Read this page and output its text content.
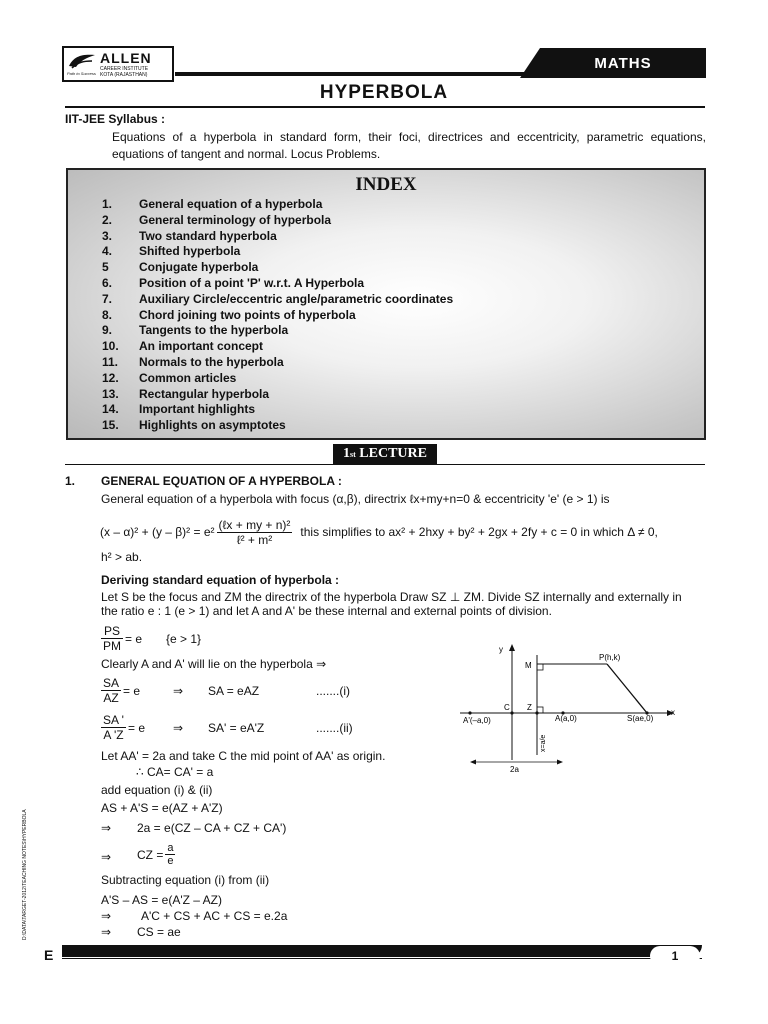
ALLEN
CAREER INSTITUTE
KOTA (RAJASTHAN)
Path to Success
MATHS
HYPERBOLA
IIT-JEE Syllabus :
Equations of a hyperbola in standard form, their foci, directrices and eccentricity, parametric equations, equations of tangent and normal. Locus Problems.
INDEX
1. General equation of a hyperbola
2. General terminology of hyperbola
3. Two standard hyperbola
4. Shifted hyperbola
5	Conjugate hyperbola
6. Position of a point 'P' w.r.t. A Hyperbola
7. Auxiliary Circle/eccentric angle/parametric coordinates
8. Chord joining two points of hyperbola
9. Tangents to the hyperbola
10. An important concept
11. Normals to the hyperbola
12. Common articles
13. Rectangular hyperbola
14. Important highlights
15. Highlights on asymptotes
1 st
LECTURE
1. GENERAL EQUATION OF A HYPERBOLA :
General equation of a hyperbola with focus (α,β), directrix ℓx+my+n=0 & eccentricity 'e' (e > 1) is
$(x - \alpha)^2 + (y - \beta)^2 = e^2 \frac{\text{(ℓx + my + n)²}}{\text{ℓ² + m²}}$ this simplifies to ax² + 2hxy + by² + 2gx + 2fy + c = 0 in which Δ ≠ 0,
h² > ab.
Deriving standard equation of hyperbola :
Let S be the focus and ZM the directrix of the hyperbola Draw SZ ⊥ ZM. Divide SZ internally and externally in
the ratio e : 1 (e > 1) and let A and A' be these internal and external points of division.
$\frac{PS}{PM} = e$ {e > 1}
Clearly A and A' will lie on the hyperbola ⇒
$\frac{SA}{AZ} = e$	⇒	SA = eAZ	.......(i)
$\frac{SA '}{A 'Z} = e$	⇒	SA' = eA'Z	.......(ii)
Let AA' = 2a and take C the mid point of AA' as origin.
∴ CA= CA' = a
add equation (i) & (ii)
AS + A'S = e(AZ + A'Z)
⇒ 2a = e(CZ – CA + CZ + CA')
⇒ CZ = $\frac{a}{e}$
Subtracting equation (i) from (ii)
A'S – AS = e(A'Z – AZ)
⇒ A'C + CS + AC + CS = e.2a
⇒ CS = ae
y
x
M
P(h,k)
C Z
A'(–a,0)	A(a,0)	S(ae,0)
x=a/e
2a
D:\DATA\TARGET-2012\TEACHING NOTES\HYPERBOLA
E	1
